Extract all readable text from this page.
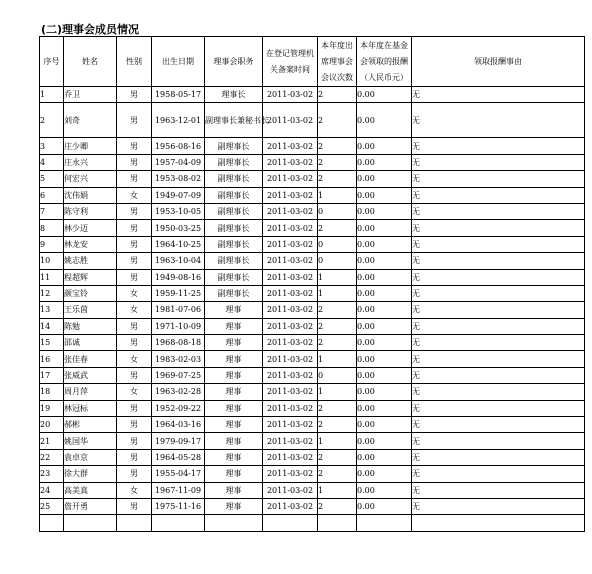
(二)理事会成员情况
序号	姓名	性别	出生日期	理事会职务	在登记管理机关备案时间	本年度出席理事会会议次数	本年度在基金会领取的报酬（人民币元）	领取报酬事由
1	乔卫	男	1958-05-17	理事长	2011-03-02	2	0.00	无
2	刘奇	男	1963-12-01	副理事长兼秘书长	2011-03-02	2	0.00	无
3	庄少卿	男	1956-08-16	副理事长	2011-03-02	2	0.00	无
4	庄永兴	男	1957-04-09	副理事长	2011-03-02	2	0.00	无
5	何宏兴	男	1953-08-02	副理事长	2011-03-02	2	0.00	无
6	沈伟娟	女	1949-07-09	副理事长	2011-03-02	1	0.00	无
7	陈守利	男	1953-10-05	副理事长	2011-03-02	0	0.00	无
8	林少迈	男	1950-03-25	副理事长	2011-03-02	2	0.00	无
9	林龙安	男	1964-10-25	副理事长	2011-03-02	0	0.00	无
10	姚志胜	男	1963-10-04	副理事长	2011-03-02	0	0.00	无
11	程超辉	男	1949-08-16	副理事长	2011-03-02	1	0.00	无
12	颜宝铃	女	1959-11-25	副理事长	2011-03-02	1	0.00	无
13	王乐茵	女	1981-07-06	理事	2011-03-02	2	0.00	无
14	陈勉	男	1971-10-09	理事	2011-03-02	2	0.00	无
15	邵诚	男	1968-08-18	理事	2011-03-02	2	0.00	无
16	张佳春	女	1983-02-03	理事	2011-03-02	1	0.00	无
17	张威武	男	1969-07-25	理事	2011-03-02	0	0.00	无
18	周月萍	女	1963-02-28	理事	2011-03-02	1	0.00	无
19	林冠标	男	1952-09-22	理事	2011-03-02	2	0.00	无
20	郝彬	男	1964-03-16	理事	2011-03-02	2	0.00	无
21	姚国华	男	1979-09-17	理事	2011-03-02	1	0.00	无
22	袁卓京	男	1964-05-28	理事	2011-03-02	2	0.00	无
23	徐大群	男	1955-04-17	理事	2011-03-02	2	0.00	无
24	高美真	女	1967-11-09	理事	2011-03-02	1	0.00	无
25	詹开勇	男	1975-11-16	理事	2011-03-02	2	0.00	无
